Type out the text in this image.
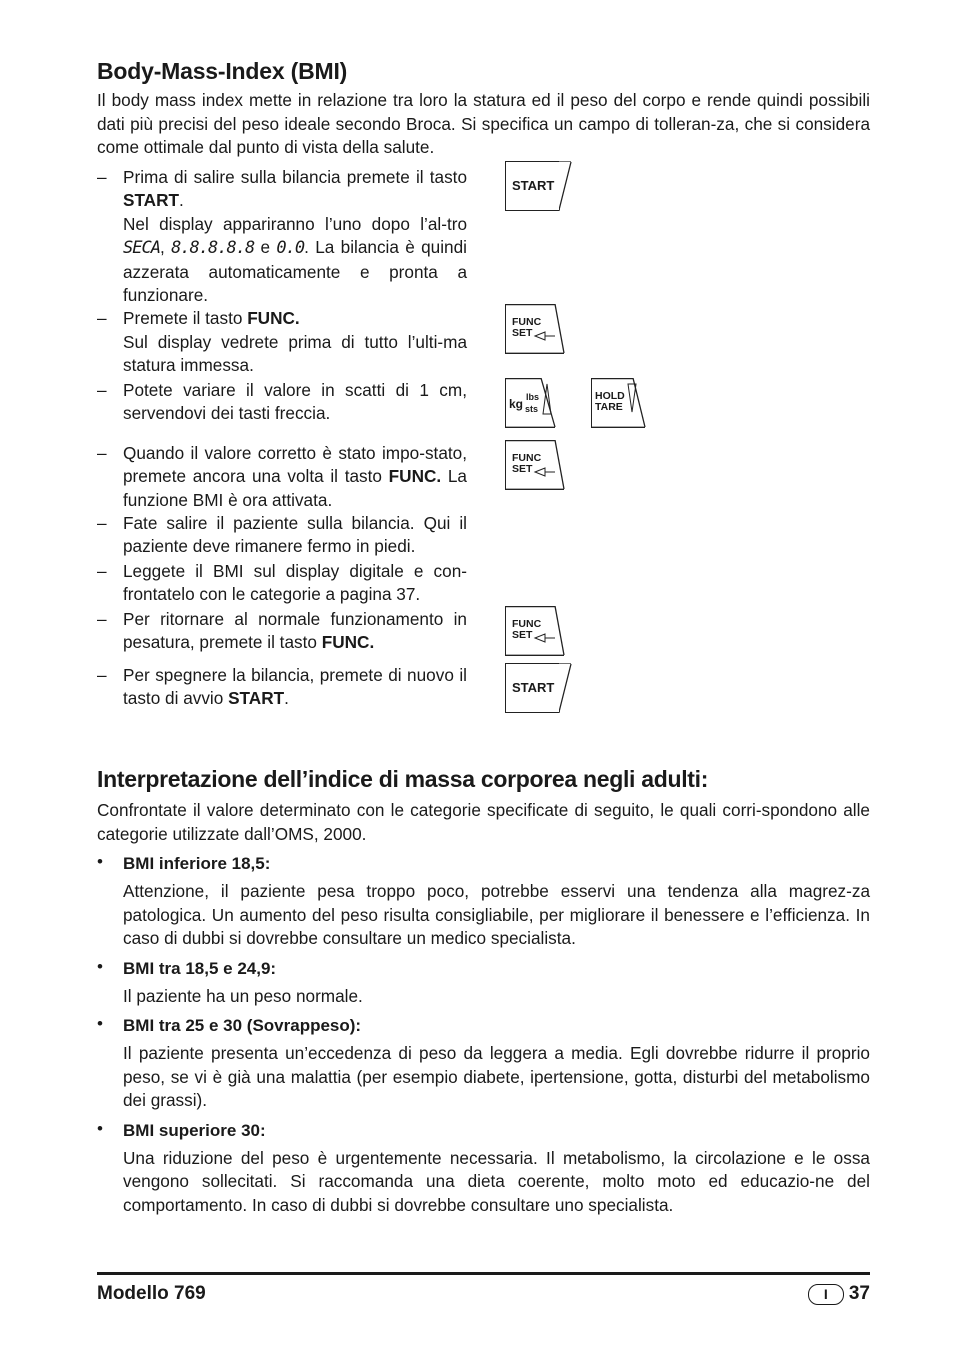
Body-Mass-Index (BMI)

Il body mass index mette in relazione tra loro la statura ed il peso del corpo e rende quindi possibili dati più precisi del peso ideale secondo Broca. Si specifica un campo di tolleran-za, che si considera come ottimale dal punto di vista della salute.

– Prima di salire sulla bilancia premete il tasto START.
Nel display appariranno l’uno dopo l’al-tro SECA, 8.8.8.8.8 e 0.0. La bilancia è quindi azzerata automaticamente e pronta a funzionare.
– Premete il tasto FUNC.
Sul display vedrete prima di tutto l’ulti-ma statura immessa.
– Potete variare il valore in scatti di 1 cm, servendovi dei tasti freccia.
– Quando il valore corretto è stato impo-stato, premete ancora una volta il tasto FUNC. La funzione BMI è ora attivata.
– Fate salire il paziente sulla bilancia. Qui il paziente deve rimanere fermo in piedi.
– Leggete il BMI sul display digitale e con-frontatelo con le categorie a pagina 37.
– Per ritornare al normale funzionamento in pesatura, premete il tasto FUNC.
– Per spegnere la bilancia, premete di nuovo il tasto di avvio START.
START
FUNC
SET
kg lbs
sts
HOLD
TARE
FUNC
SET
FUNC
SET
START
Interpretazione dell’indice di massa corporea negli adulti:

Confrontate il valore determinato con le categorie specificate di seguito, le quali corri-spondono alle categorie utilizzate dall’OMS, 2000.

• BMI inferiore 18,5:
Attenzione, il paziente pesa troppo poco, potrebbe esservi una tendenza alla magrez-za patologica. Un aumento del peso risulta consigliabile, per migliorare il benessere e l’efficienza. In caso di dubbi si dovrebbe consultare un medico specialista.
• BMI tra 18,5 e 24,9:
Il paziente ha un peso normale.
• BMI tra 25 e 30 (Sovrappeso):
Il paziente presenta un’eccedenza di peso da leggera a media. Egli dovrebbe ridurre il proprio peso, se vi è già una malattia (per esempio diabete, ipertensione, gotta, disturbi del metabolismo dei grassi).
• BMI superiore 30:
Una riduzione del peso è urgentemente necessaria. Il metabolismo, la circolazione e le ossa vengono sollecitati. Si raccomanda una dieta coerente, molto moto ed educazio-ne del comportamento. In caso di dubbi si dovrebbe consultare uno specialista.
Modello 769	I	37
